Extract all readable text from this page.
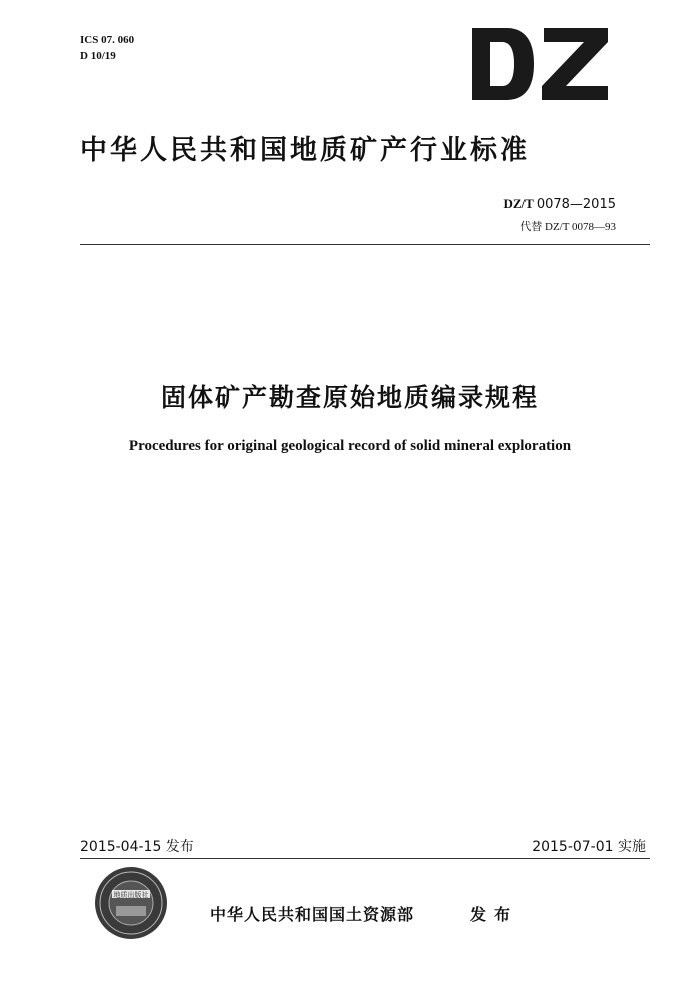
ICS 07. 060
D 10/19
中华人民共和国地质矿产行业标准
DZ/T 0078—2015
代替 DZ/T 0078—93
固体矿产勘查原始地质编录规程
Procedures for original geological record of solid mineral exploration
2015-04-15 发布	2015-07-01 实施
地质出版社
中华人民共和国国土资源部	发布
